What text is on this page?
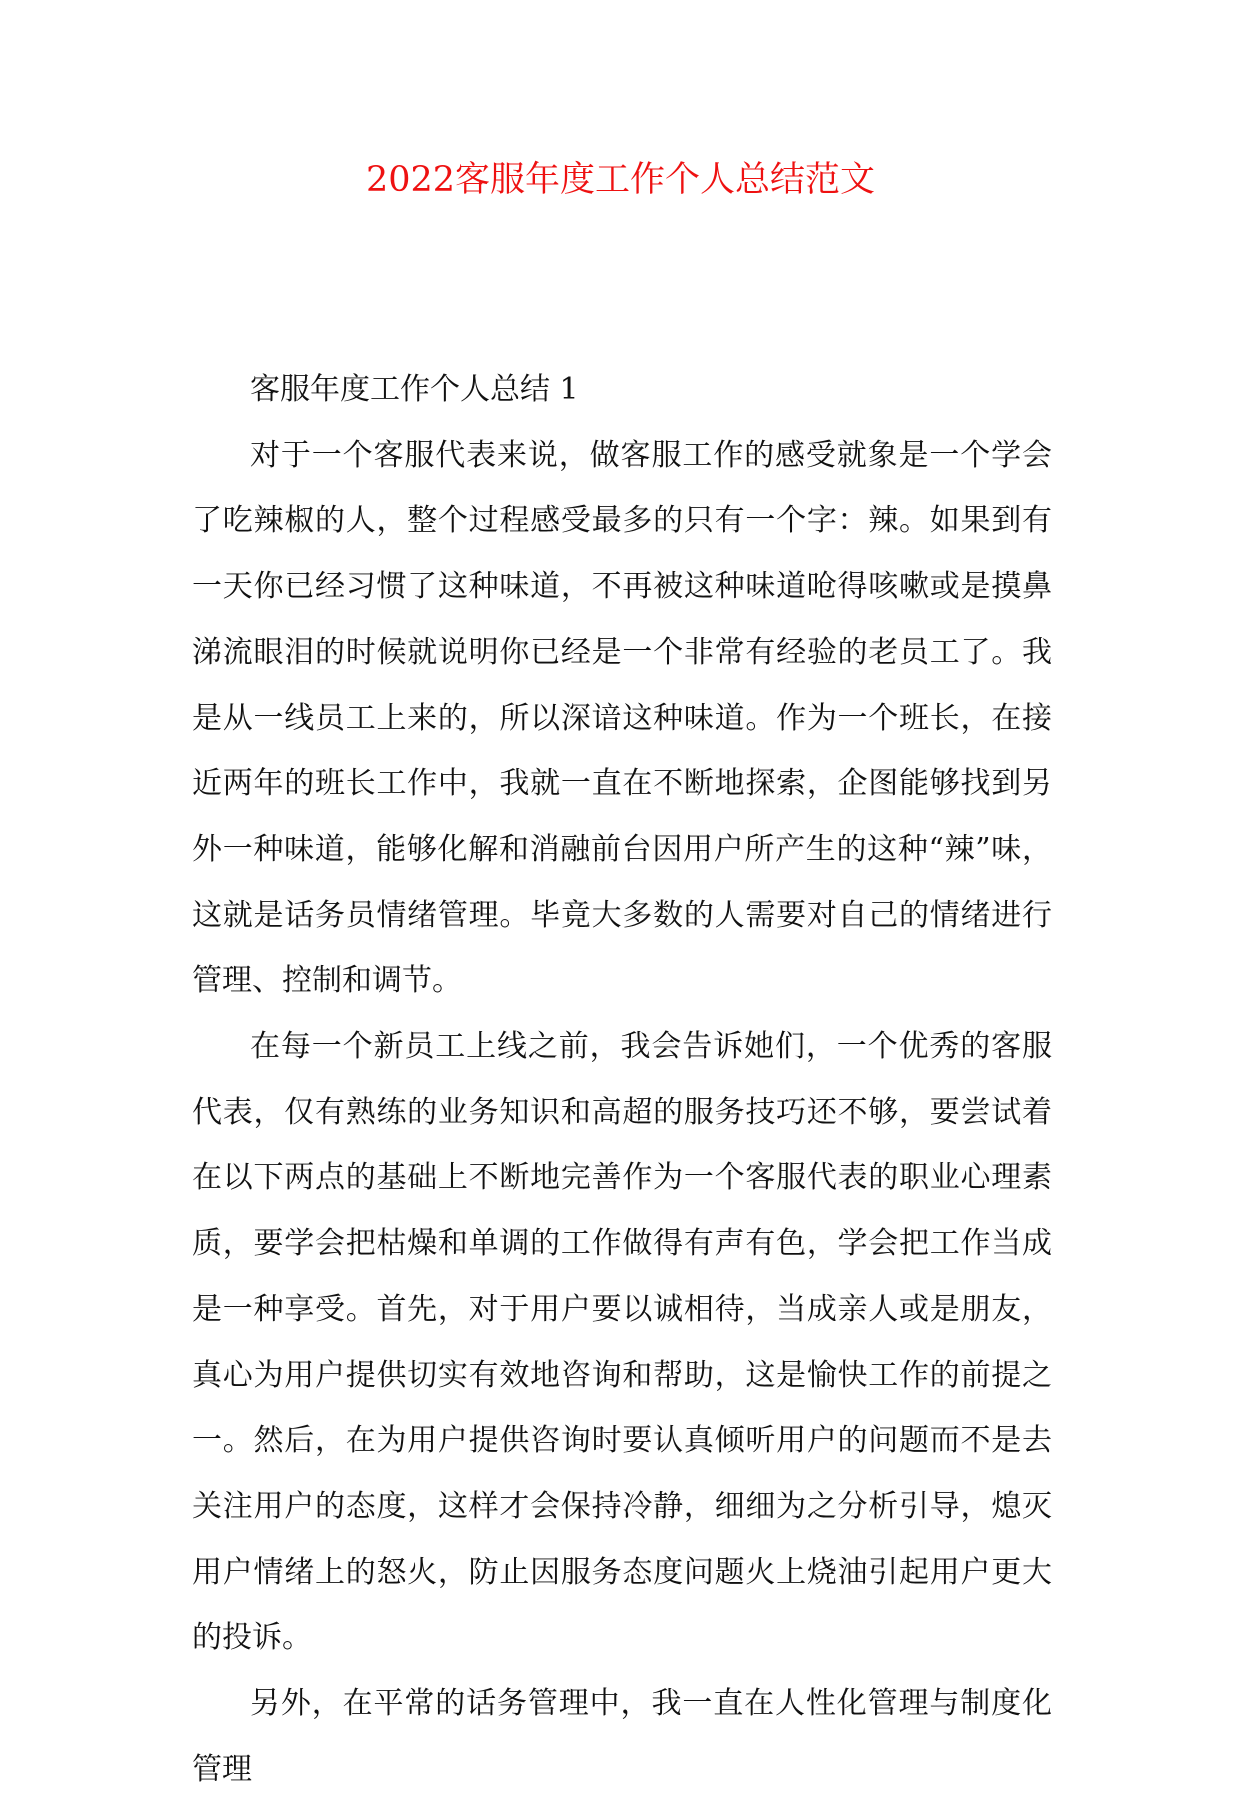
2022客服年度工作个人总结范文
客服年度工作个人总结 1

对于一个客服代表来说，做客服工作的感受就象是一个学会了吃辣椒的人，整个过程感受最多的只有一个字：辣。如果到有一天你已经习惯了这种味道，不再被这种味道呛得咳嗽或是摸鼻涕流眼泪的时候就说明你已经是一个非常有经验的老员工了。我是从一线员工上来的，所以深谙这种味道。作为一个班长，在接近两年的班长工作中，我就一直在不断地探索，企图能够找到另外一种味道，能够化解和消融前台因用户所产生的这种“辣”味，这就是话务员情绪管理。毕竟大多数的人需要对自己的情绪进行管理、控制和调节。

在每一个新员工上线之前，我会告诉她们，一个优秀的客服代表，仅有熟练的业务知识和高超的服务技巧还不够，要尝试着在以下两点的基础上不断地完善作为一个客服代表的职业心理素质，要学会把枯燥和单调的工作做得有声有色，学会把工作当成是一种享受。首先，对于用户要以诚相待，当成亲人或是朋友，真心为用户提供切实有效地咨询和帮助，这是愉快工作的前提之一。然后，在为用户提供咨询时要认真倾听用户的问题而不是去关注用户的态度，这样才会保持冷静，细细为之分析引导，熄灭用户情绪上的怒火，防止因服务态度问题火上烧油引起用户更大的投诉。

另外，在平常的话务管理中，我一直在人性化管理与制度化管理
